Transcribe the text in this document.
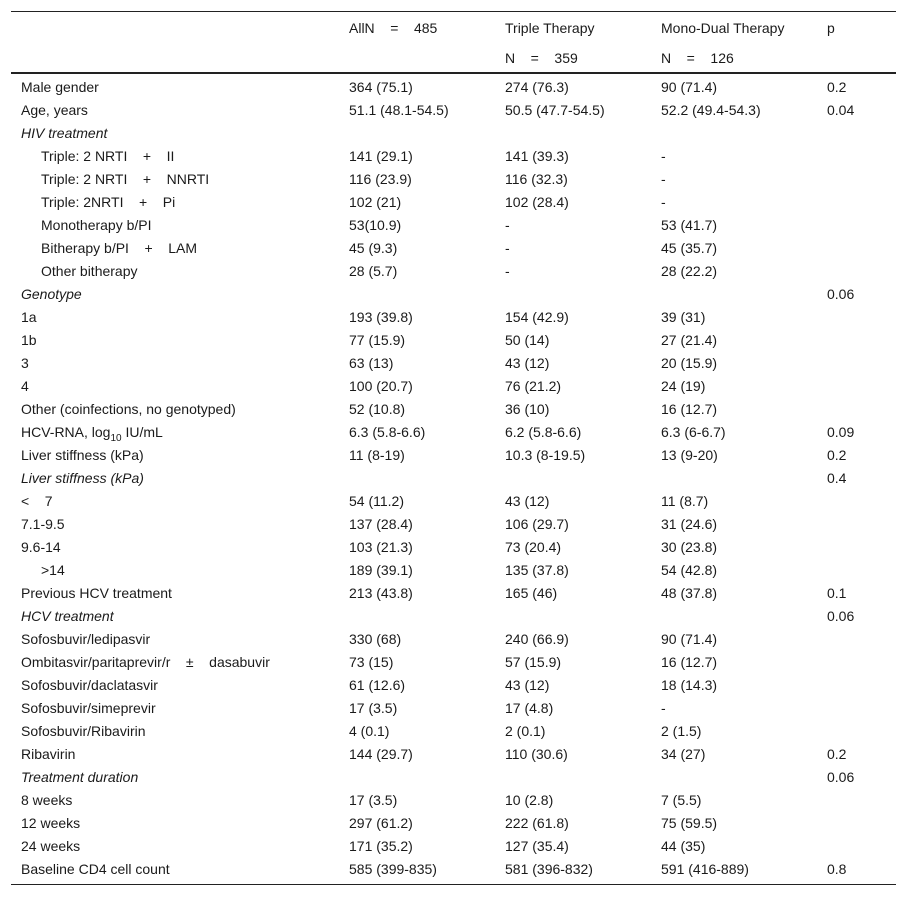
	AllN    =    485	Triple Therapy	Mono-Dual Therapy	p
		N    =    359	N    =    126	
Male gender	364 (75.1)	274 (76.3)	90 (71.4)	0.2
Age, years	51.1 (48.1-54.5)	50.5 (47.7-54.5)	52.2 (49.4-54.3)	0.04
HIV treatment				
Triple: 2 NRTI    +    II	141 (29.1)	141 (39.3)	-	
Triple: 2 NRTI    +    NNRTI	116 (23.9)	116 (32.3)	-	
Triple: 2NRTI    +    Pi	102 (21)	102 (28.4)	-	
Monotherapy b/PI	53(10.9)	-	53 (41.7)	
Bitherapy b/PI    +    LAM	45 (9.3)	-	45 (35.7)	
Other bitherapy	28 (5.7)	-	28 (22.2)	
Genotype				0.06
1a	193 (39.8)	154 (42.9)	39 (31)	
1b	77 (15.9)	50 (14)	27 (21.4)	
3	63 (13)	43 (12)	20 (15.9)	
4	100 (20.7)	76 (21.2)	24 (19)	
Other (coinfections, no genotyped)	52 (10.8)	36 (10)	16 (12.7)	
HCV-RNA, $\log_{10} IU/mL$	6.3 (5.8-6.6)	6.2 (5.8-6.6)	6.3 (6-6.7)	0.09
Liver stiffness (kPa)	11 (8-19)	10.3 (8-19.5)	13 (9-20)	0.2
Liver stiffness (kPa)				0.4
<    7	54 (11.2)	43 (12)	11 (8.7)	
7.1-9.5	137 (28.4)	106 (29.7)	31 (24.6)	
9.6-14	103 (21.3)	73 (20.4)	30 (23.8)	
>14	189 (39.1)	135 (37.8)	54 (42.8)	
Previous HCV treatment	213 (43.8)	165 (46)	48 (37.8)	0.1
HCV treatment				0.06
Sofosbuvir/ledipasvir	330 (68)	240 (66.9)	90 (71.4)	
Ombitasvir/paritaprevir/r    ±    dasabuvir	73 (15)	57 (15.9)	16 (12.7)	
Sofosbuvir/daclatasvir	61 (12.6)	43 (12)	18 (14.3)	
Sofosbuvir/simeprevir	17 (3.5)	17 (4.8)	-	
Sofosbuvir/Ribavirin	4 (0.1)	2 (0.1)	2 (1.5)	
Ribavirin	144 (29.7)	110 (30.6)	34 (27)	0.2
Treatment duration				0.06
8 weeks	17 (3.5)	10 (2.8)	7 (5.5)	
12 weeks	297 (61.2)	222 (61.8)	75 (59.5)	
24 weeks	171 (35.2)	127 (35.4)	44 (35)	
Baseline CD4 cell count	585 (399-835)	581 (396-832)	591 (416-889)	0.8
